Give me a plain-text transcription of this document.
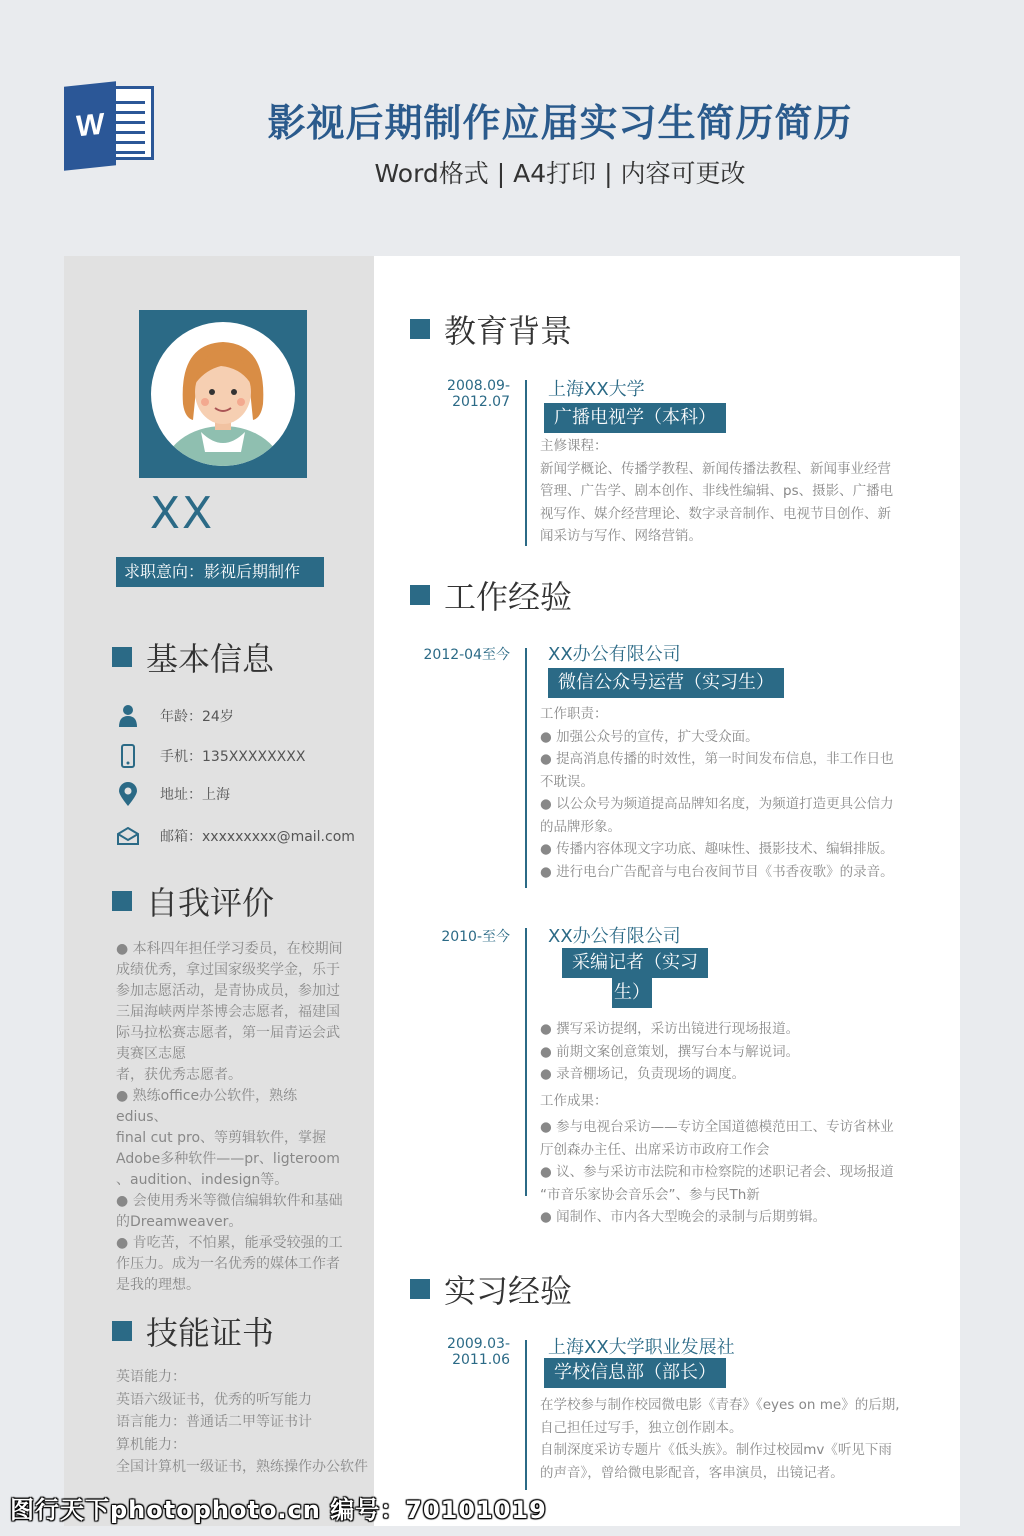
W	影视后期制作应届实习生简历简历
Word格式 | A4打印 | 内容可更改
XX
求职意向：影视后期制作
基本信息
年龄：24岁
手机：135XXXXXXXX
地址：上海
邮箱：xxxxxxxxx@mail.com
自我评价
● 本科四年担任学习委员，在校期间
成绩优秀，拿过国家级奖学金，乐于
参加志愿活动，是青协成员，参加过
三届海峡两岸茶博会志愿者，福建国
际马拉松赛志愿者，第一届青运会武
夷赛区志愿
者，获优秀志愿者。
● 熟练office办公软件，熟练edius、
final cut pro、等剪辑软件，掌握
Adobe多种软件——pr、ligteroom
、audition、indesign等。
● 会使用秀米等微信编辑软件和基础
的Dreamweaver。
● 肯吃苦，不怕累，能承受较强的工
作压力。成为一名优秀的媒体工作者
是我的理想。
技能证书
英语能力：
英语六级证书，优秀的听写能力
语言能力：普通话二甲等证书计
算机能力：
全国计算机一级证书，熟练操作办公软件
教育背景
2008.09-2012.07
上海XX大学
广播电视学（本科）

主修课程：

新闻学概论、传播学教程、新闻传播法教程、新闻事业经营

管理、广告学、剧本创作、非线性编辑、ps、摄影、广播电

视写作、媒介经营理论、数字录音制作、电视节目创作、新

闻采访与写作、网络营销。

工作经验
2012-04至今 XX办公有限公司
微信公众号运营（实习生）

工作职责：

● 加强公众号的宣传，扩大受众面。

● 提高消息传播的时效性，第一时间发布信息，非工作日也

不耽误。

● 以公众号为频道提高品牌知名度，为频道打造更具公信力

的品牌形象。

● 传播内容体现文字功底、趣味性、摄影技术、编辑排版。

● 进行电台广告配音与电台夜间节目《书香夜歌》的录音。

2010-至今 XX办公有限公司
采编记者（实习
生）

● 撰写采访提纲，采访出镜进行现场报道。

● 前期文案创意策划，撰写台本与解说词。

● 录音棚场记，负责现场的调度。

工作成果：

● 参与电视台采访——专访全国道德模范田工、专访省林业

厅创森办主任、出席采访市政府工作会

● 议、参与采访市法院和市检察院的述职记者会、现场报道

“市音乐家协会音乐会”、参与民Th新

● 闻制作、市内各大型晚会的录制与后期剪辑。

实习经验
2009.03-2011.06
上海XX大学职业发展社
学校信息部（部长）

在学校参与制作校园微电影《青春》《eyes on me》的后期,

自己担任过写手，独立创作剧本。

自制深度采访专题片《低头族》。制作过校园mv《听见下雨

的声音》，曾给微电影配音，客串演员，出镜记者。

图行天下photophoto.cn 编号：70101019
